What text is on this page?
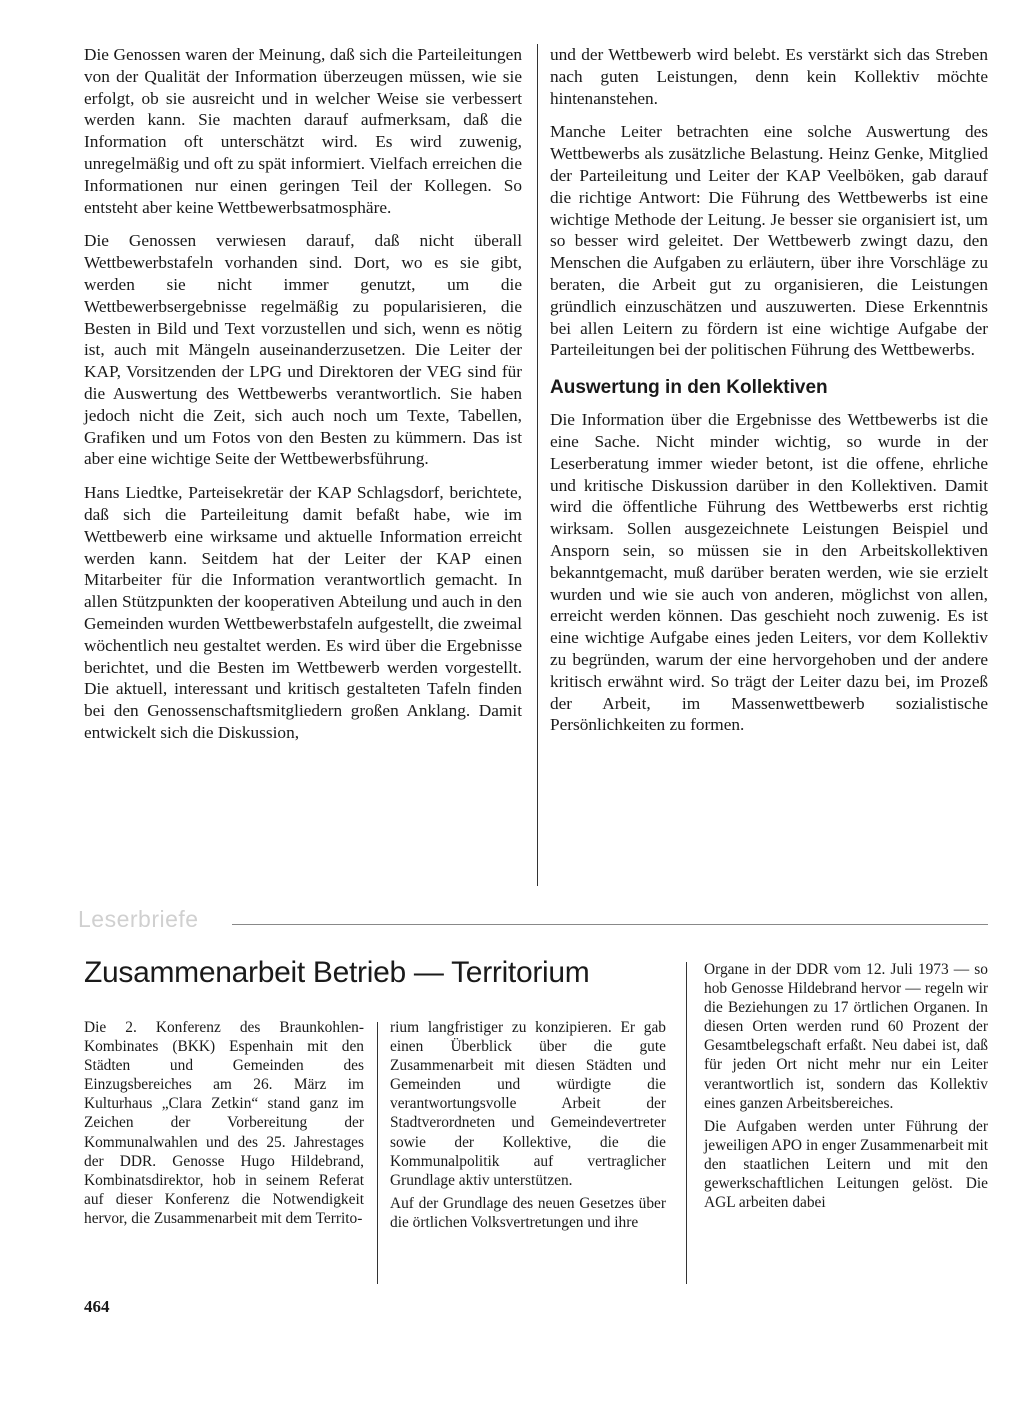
Die Genossen waren der Meinung, daß sich die Parteileitungen von der Qualität der Information überzeugen müssen, wie sie erfolgt, ob sie ausreicht und in welcher Weise sie verbessert werden kann. Sie machten darauf aufmerksam, daß die Information oft unterschätzt wird. Es wird zuwenig, unregelmäßig und oft zu spät informiert. Vielfach erreichen die Informationen nur einen geringen Teil der Kollegen. So entsteht aber keine Wettbewerbsatmosphäre.

Die Genossen verwiesen darauf, daß nicht überall Wettbewerbstafeln vorhanden sind. Dort, wo es sie gibt, werden sie nicht immer genutzt, um die Wettbewerbsergebnisse regelmäßig zu popularisieren, die Besten in Bild und Text vorzustellen und sich, wenn es nötig ist, auch mit Mängeln auseinanderzusetzen. Die Leiter der KAP, Vorsitzenden der LPG und Direktoren der VEG sind für die Auswertung des Wettbewerbs verantwortlich. Sie haben jedoch nicht die Zeit, sich auch noch um Texte, Tabellen, Grafiken und um Fotos von den Besten zu kümmern. Das ist aber eine wichtige Seite der Wettbewerbsführung.

Hans Liedtke, Parteisekretär der KAP Schlagsdorf, berichtete, daß sich die Parteileitung damit befaßt habe, wie im Wettbewerb eine wirksame und aktuelle Information erreicht werden kann. Seitdem hat der Leiter der KAP einen Mitarbeiter für die Information verantwortlich gemacht. In allen Stützpunkten der kooperativen Abteilung und auch in den Gemeinden wurden Wettbewerbstafeln aufgestellt, die zweimal wöchentlich neu gestaltet werden. Es wird über die Ergebnisse berichtet, und die Besten im Wettbewerb werden vorgestellt. Die aktuell, interessant und kritisch gestalteten Tafeln finden bei den Genossenschaftsmitgliedern großen Anklang. Damit entwickelt sich die Diskussion,

und der Wettbewerb wird belebt. Es verstärkt sich das Streben nach guten Leistungen, denn kein Kollektiv möchte hintenanstehen.

Manche Leiter betrachten eine solche Auswertung des Wettbewerbs als zusätzliche Belastung. Heinz Genke, Mitglied der Parteileitung und Leiter der KAP Veelböken, gab darauf die richtige Antwort: Die Führung des Wettbewerbs ist eine wichtige Methode der Leitung. Je besser sie organisiert ist, um so besser wird geleitet. Der Wettbewerb zwingt dazu, den Menschen die Aufgaben zu erläutern, über ihre Vorschläge zu beraten, die Arbeit gut zu organisieren, die Leistungen gründlich einzuschätzen und auszuwerten. Diese Erkenntnis bei allen Leitern zu fördern ist eine wichtige Aufgabe der Parteileitungen bei der politischen Führung des Wettbewerbs.

Auswertung in den Kollektiven

Die Information über die Ergebnisse des Wettbewerbs ist die eine Sache. Nicht minder wichtig, so wurde in der Leserberatung immer wieder betont, ist die offene, ehrliche und kritische Diskussion darüber in den Kollektiven. Damit wird die öffentliche Führung des Wettbewerbs erst richtig wirksam. Sollen ausgezeichnete Leistungen Beispiel und Ansporn sein, so müssen sie in den Arbeitskollektiven bekanntgemacht, muß darüber beraten werden, wie sie erzielt wurden und wie sie auch von anderen, möglichst von allen, erreicht werden können. Das geschieht noch zuwenig. Es ist eine wichtige Aufgabe eines jeden Leiters, vor dem Kollektiv zu begründen, warum der eine hervorgehoben und der andere kritisch erwähnt wird. So trägt der Leiter dazu bei, im Prozeß der Arbeit, im Massenwettbewerb sozialistische Persönlichkeiten zu formen.

Leserbriefe
Zusammenarbeit Betrieb — Territorium

Die 2. Konferenz des Braunkohlen-Kombinates (BKK) Espenhain mit den Städten und Gemeinden des Einzugsbereiches am 26. März im Kulturhaus „Clara Zetkin“ stand ganz im Zeichen der Vorbereitung der Kommunalwahlen und des 25. Jahrestages der DDR. Genosse Hugo Hildebrand, Kombinatsdirektor, hob in seinem Referat auf dieser Konferenz die Notwendigkeit hervor, die Zusammenarbeit mit dem Territo-

rium langfristiger zu konzipieren. Er gab einen Überblick über die gute Zusammenarbeit mit diesen Städten und Gemeinden und würdigte die verantwortungsvolle Arbeit der Stadtverordneten und Gemeindevertreter sowie der Kollektive, die die Kommunalpolitik auf vertraglicher Grundlage aktiv unterstützen.

Auf der Grundlage des neuen Gesetzes über die örtlichen Volksvertretungen und ihre

Organe in der DDR vom 12. Juli 1973 — so hob Genosse Hildebrand hervor — regeln wir die Beziehungen zu 17 örtlichen Organen. In diesen Orten werden rund 60 Prozent der Gesamtbelegschaft erfaßt. Neu dabei ist, daß für jeden Ort nicht mehr nur ein Leiter verantwortlich ist, sondern das Kollektiv eines ganzen Arbeitsbereiches.

Die Aufgaben werden unter Führung der jeweiligen APO in enger Zusammenarbeit mit den staatlichen Leitern und mit den gewerkschaftlichen Leitungen gelöst. Die AGL arbeiten dabei

464
